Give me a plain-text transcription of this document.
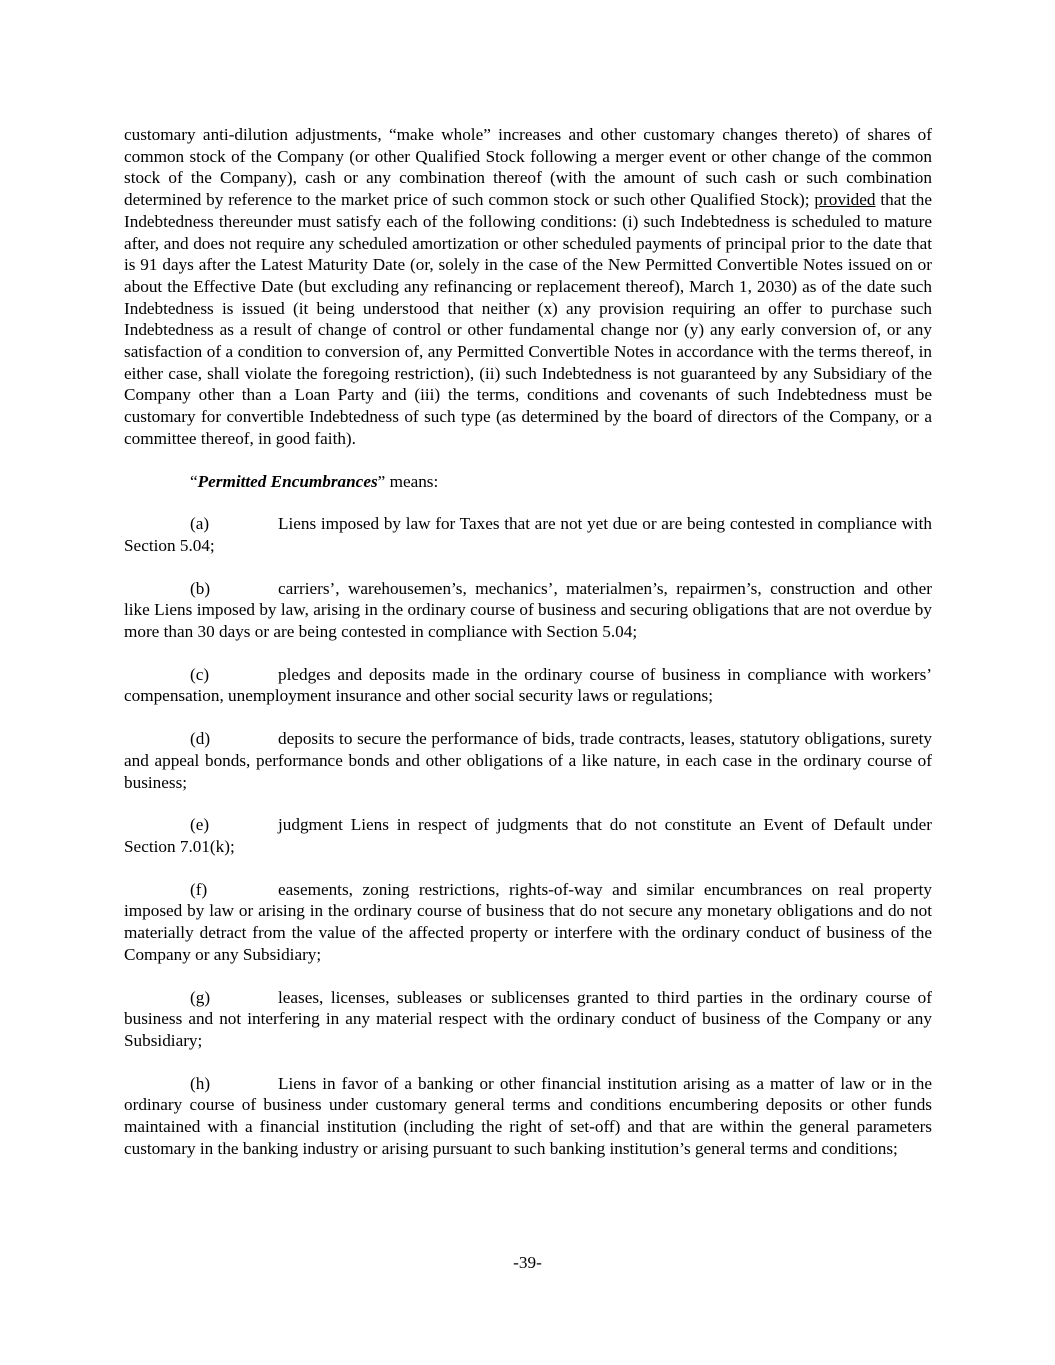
customary anti-dilution adjustments, “make whole” increases and other customary changes thereto) of shares of common stock of the Company (or other Qualified Stock following a merger event or other change of the common stock of the Company), cash or any combination thereof (with the amount of such cash or such combination determined by reference to the market price of such common stock or such other Qualified Stock); provided that the Indebtedness thereunder must satisfy each of the following conditions: (i) such Indebtedness is scheduled to mature after, and does not require any scheduled amortization or other scheduled payments of principal prior to the date that is 91 days after the Latest Maturity Date (or, solely in the case of the New Permitted Convertible Notes issued on or about the Effective Date (but excluding any refinancing or replacement thereof), March 1, 2030) as of the date such Indebtedness is issued (it being understood that neither (x) any provision requiring an offer to purchase such Indebtedness as a result of change of control or other fundamental change nor (y) any early conversion of, or any satisfaction of a condition to conversion of, any Permitted Convertible Notes in accordance with the terms thereof, in either case, shall violate the foregoing restriction), (ii) such Indebtedness is not guaranteed by any Subsidiary of the Company other than a Loan Party and (iii) the terms, conditions and covenants of such Indebtedness must be customary for convertible Indebtedness of such type (as determined by the board of directors of the Company, or a committee thereof, in good faith).

“Permitted Encumbrances” means:

(a)	Liens imposed by law for Taxes that are not yet due or are being contested in compliance with Section 5.04;

(b)	carriers’, warehousemen’s, mechanics’, materialmen’s, repairmen’s, construction and other like Liens imposed by law, arising in the ordinary course of business and securing obligations that are not overdue by more than 30 days or are being contested in compliance with Section 5.04;

(c)	pledges and deposits made in the ordinary course of business in compliance with workers’ compensation, unemployment insurance and other social security laws or regulations;

(d)	deposits to secure the performance of bids, trade contracts, leases, statutory obligations, surety and appeal bonds, performance bonds and other obligations of a like nature, in each case in the ordinary course of business;

(e)	judgment Liens in respect of judgments that do not constitute an Event of Default under Section 7.01(k);

(f)	easements, zoning restrictions, rights-of-way and similar encumbrances on real property imposed by law or arising in the ordinary course of business that do not secure any monetary obligations and do not materially detract from the value of the affected property or interfere with the ordinary conduct of business of the Company or any Subsidiary;

(g)	leases, licenses, subleases or sublicenses granted to third parties in the ordinary course of business and not interfering in any material respect with the ordinary conduct of business of the Company or any Subsidiary;

(h)	Liens in favor of a banking or other financial institution arising as a matter of law or in the ordinary course of business under customary general terms and conditions encumbering deposits or other funds maintained with a financial institution (including the right of set-off) and that are within the general parameters customary in the banking industry or arising pursuant to such banking institution’s general terms and conditions;

-39-
